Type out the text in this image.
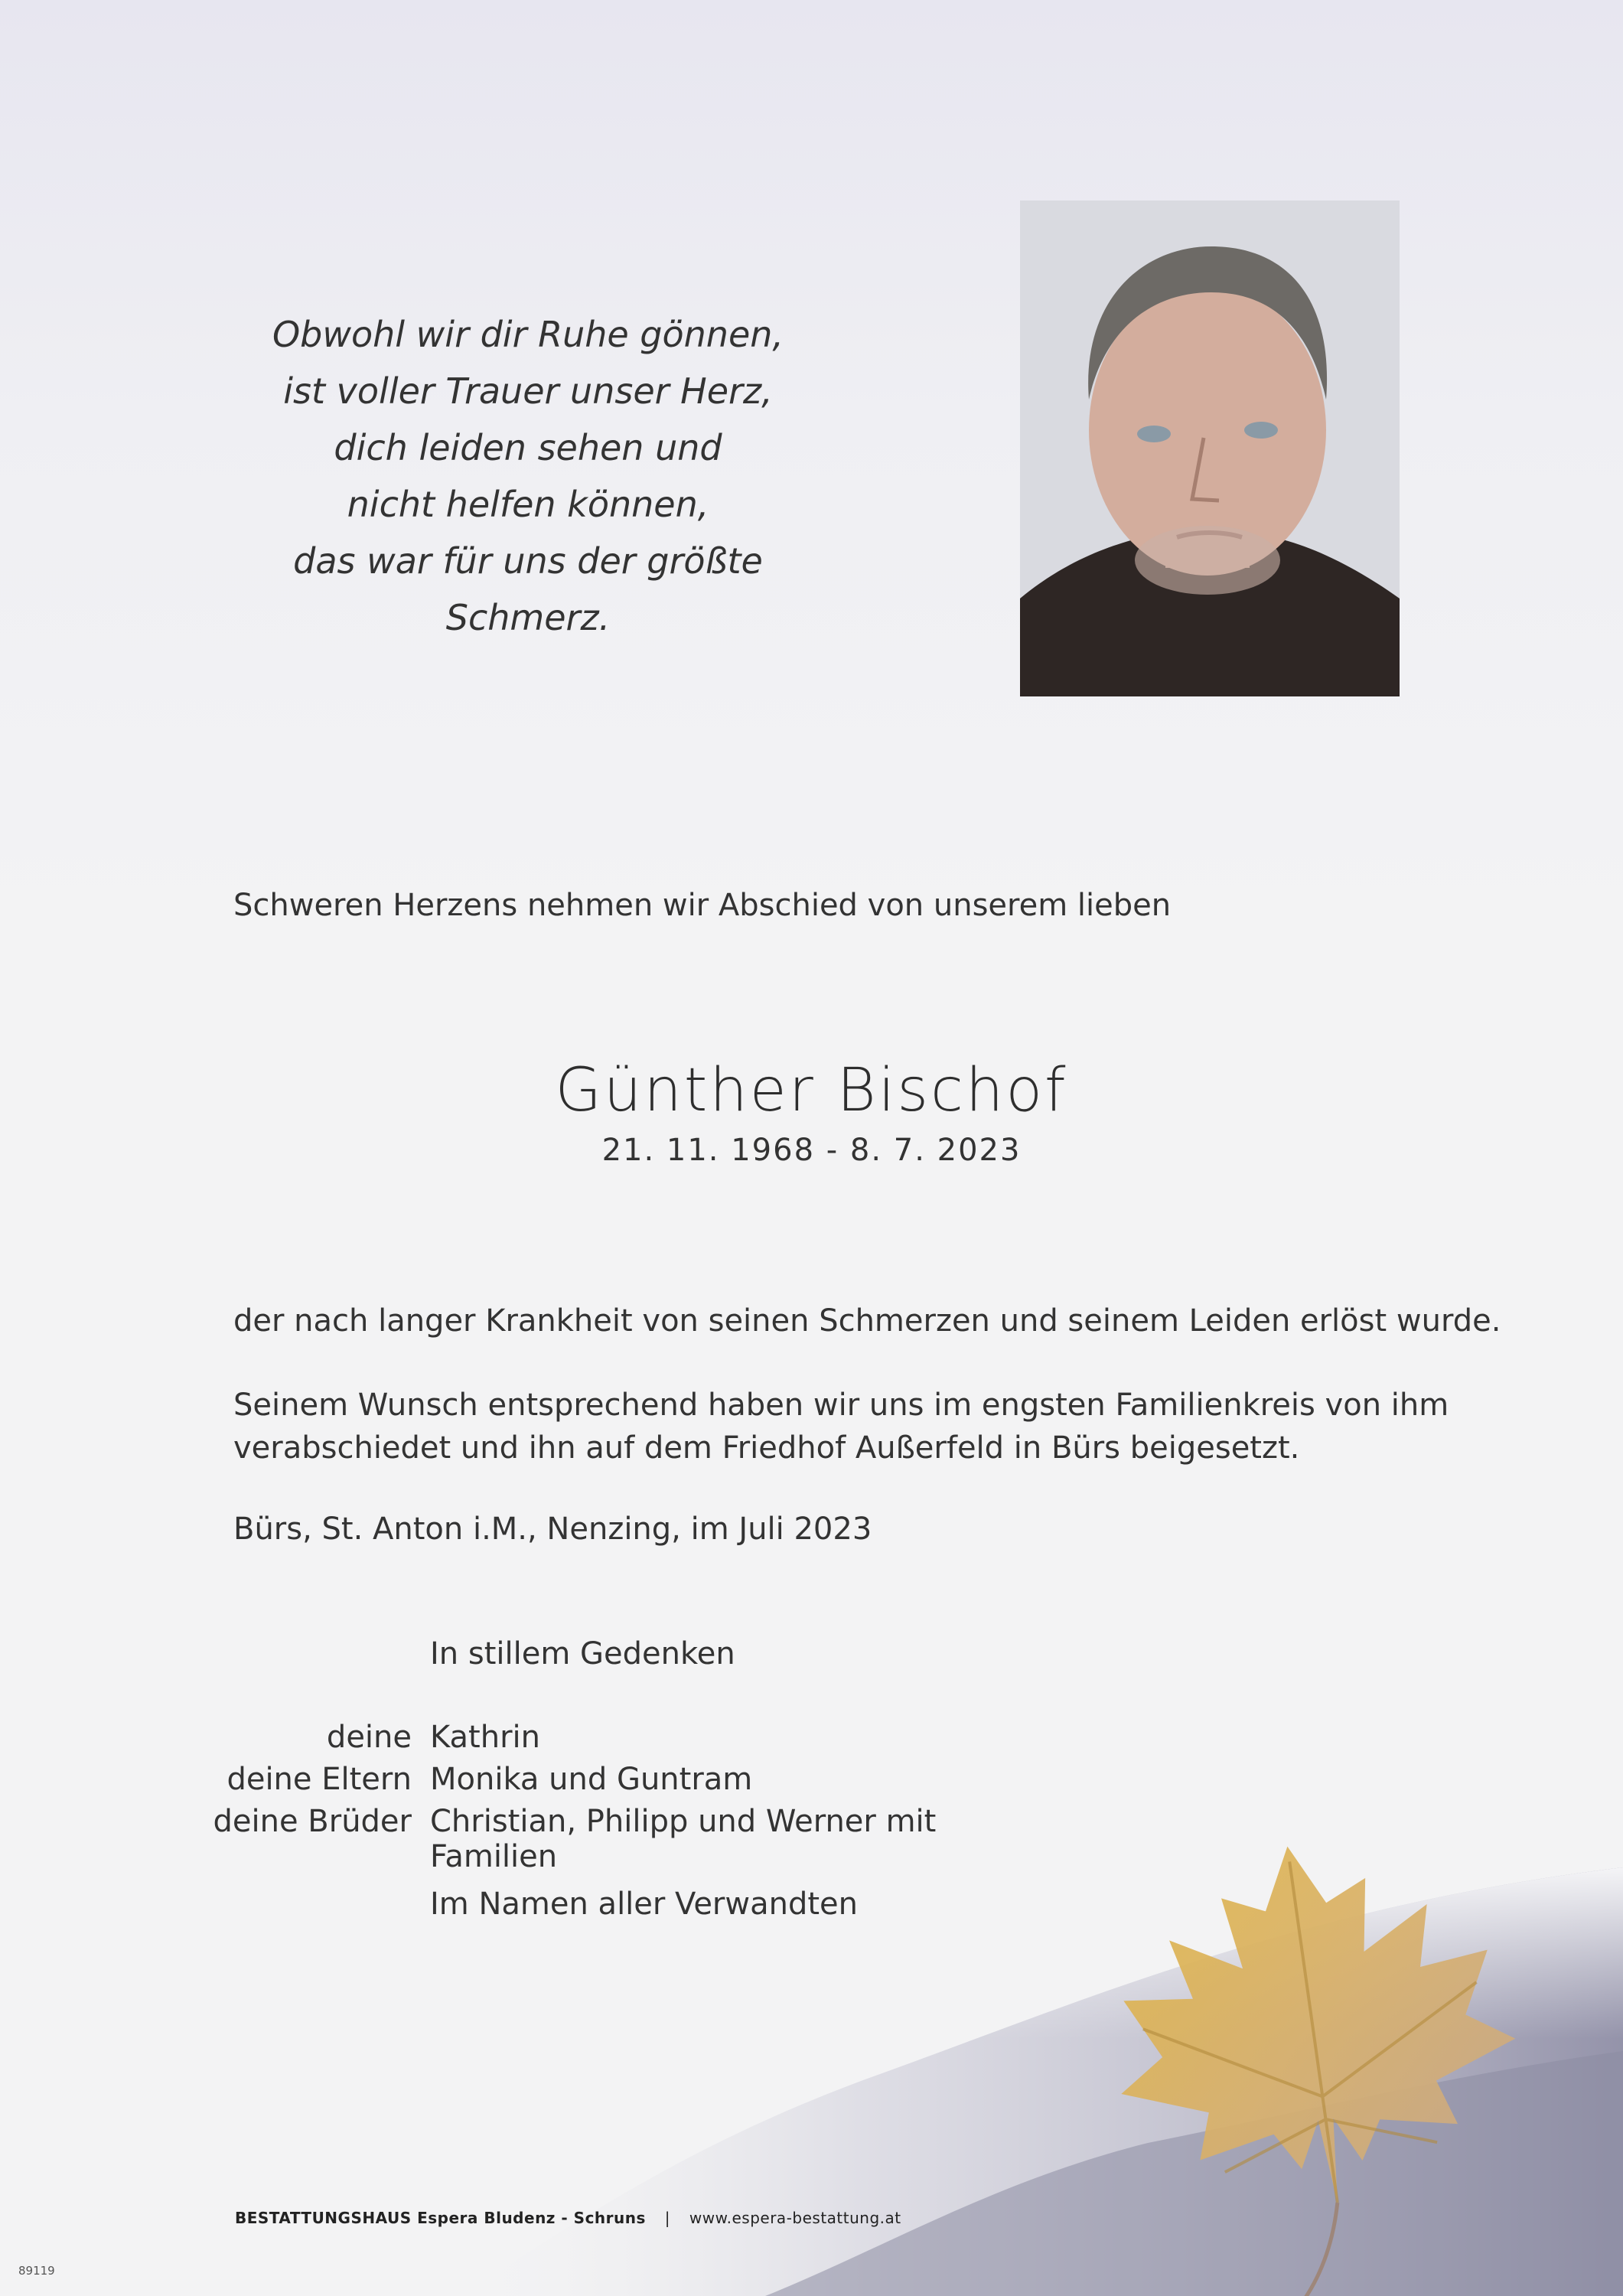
Obwohl wir dir Ruhe gönnen,
ist voller Trauer unser Herz,
dich leiden sehen und
nicht helfen können,
das war für uns der größte Schmerz.
Schweren Herzens nehmen wir Abschied von unserem lieben
Günther Bischof
21. 11. 1968 - 8. 7. 2023
der nach langer Krankheit von seinen Schmerzen und seinem Leiden erlöst wurde.
Seinem Wunsch entsprechend haben wir uns im engsten Familienkreis von ihm
verabschiedet und ihn auf dem Friedhof Außerfeld in Bürs beigesetzt.
Bürs, St. Anton i.M., Nenzing, im Juli 2023
In stillem Gedenken
deine Kathrin
deine Eltern Monika und Guntram
deine Brüder Christian, Philipp und Werner mit Familien
Im Namen aller Verwandten
BESTATTUNGSHAUS Espera Bludenz - Schruns | www.espera-bestattung.at
89119
